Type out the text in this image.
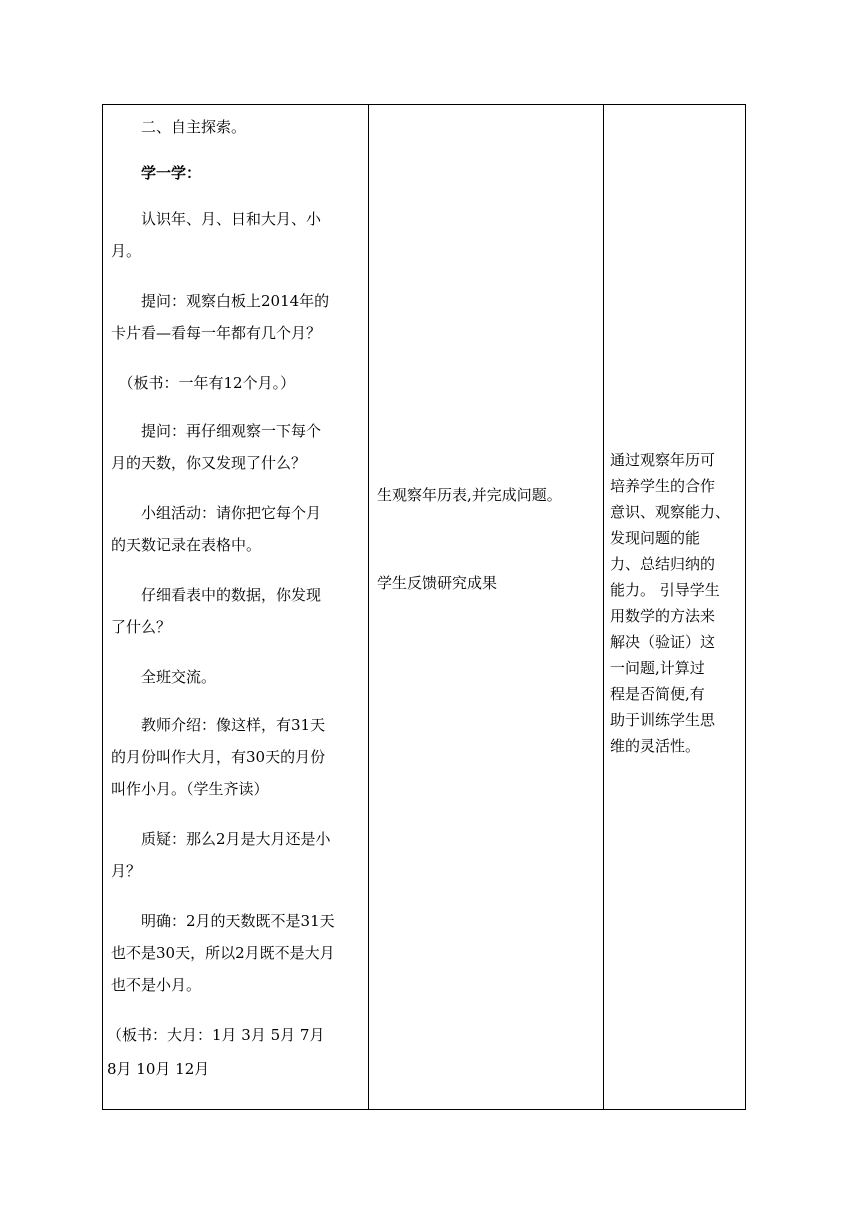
　　二、自主探索。
　　学一学：
　　认识年、月、日和大月、小
月。
　　提问：观察白板上2014年的
卡片看—看每一年都有几个月？
　（板书：一年有12个月。）
　　提问：再仔细观察一下每个
月的天数，你又发现了什么？
　　小组活动：请你把它每个月
的天数记录在表格中。
　　仔细看表中的数据，你发现
了什么？
　　全班交流。
　　教师介绍：像这样，有31天
的月份叫作大月，有30天的月份
叫作小月。（学生齐读）
　　质疑：那么2月是大月还是小
月？
　　明确：2月的天数既不是31天
也不是30天，所以2月既不是大月
也不是小月。
（板书：大月：1月 3月 5月 7月
8月 10月 12月
生观察年历表,并完成问题。
学生反馈研究成果
通过观察年历可
培养学生的合作
意识、观察能力、
发现问题的能
力、总结归纳的
能力。 引导学生
用数学的方法来
解决（验证）这
一问题,计算过
程是否简便,有
助于训练学生思
维的灵活性。
